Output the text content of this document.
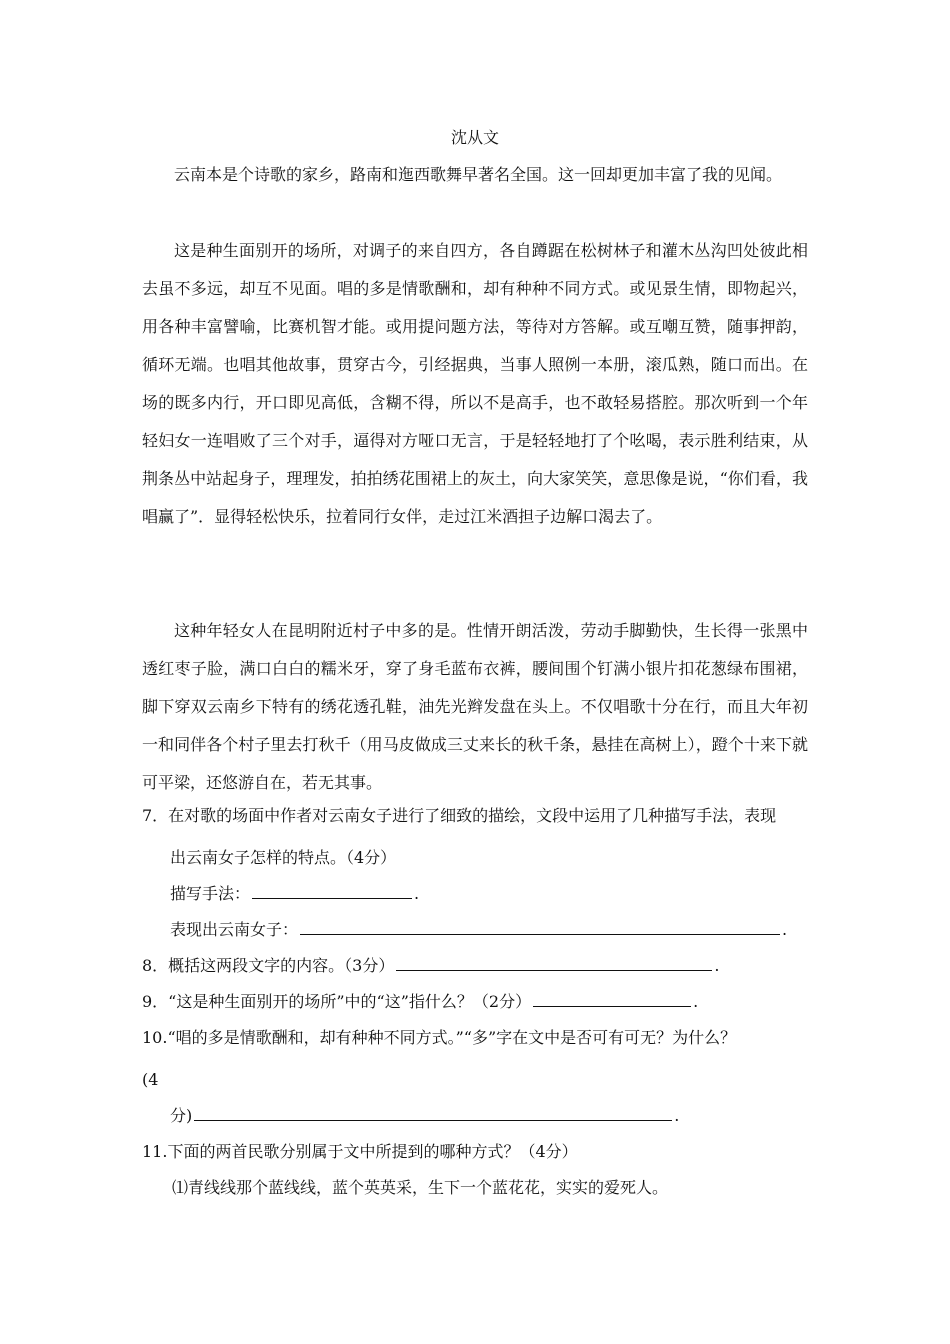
沈从文

云南本是个诗歌的家乡，路南和迤西歌舞早著名全国。这一回却更加丰富了我的见闻。

这是种生面别开的场所，对调子的来自四方，各自蹲踞在松树林子和灌木丛沟凹处彼此相去虽不多远，却互不见面。唱的多是情歌酬和，却有种种不同方式。或见景生情，即物起兴，用各种丰富譬喻，比赛机智才能。或用提问题方法，等待对方答解。或互嘲互赞，随事押韵，循环无端。也唱其他故事，贯穿古今，引经据典，当事人照例一本册，滚瓜熟，随口而出。在场的既多内行，开口即见高低，含糊不得，所以不是高手，也不敢轻易搭腔。那次听到一个年轻妇女一连唱败了三个对手，逼得对方哑口无言，于是轻轻地打了个吆喝，表示胜利结束，从荆条丛中站起身子，理理发，拍拍绣花围裙上的灰土，向大家笑笑，意思像是说，“你们看，我唱赢了”．显得轻松快乐，拉着同行女伴，走过江米酒担子边解口渴去了。

这种年轻女人在昆明附近村子中多的是。性情开朗活泼，劳动手脚勤快，生长得一张黑中透红枣子脸，满口白白的糯米牙，穿了身毛蓝布衣裤，腰间围个钉满小银片扣花葱绿布围裙，脚下穿双云南乡下特有的绣花透孔鞋，油先光辫发盘在头上。不仅唱歌十分在行，而且大年初一和同伴各个村子里去打秋千（用马皮做成三丈来长的秋千条，悬挂在高树上），蹬个十来下就可平梁，还悠游自在，若无其事。

7．在对歌的场面中作者对云南女子进行了细致的描绘，文段中运用了几种描写手法，表现
出云南女子怎样的特点。（4分）
描写手法：	.
表现出云南女子：	.
8．概括这两段文字的内容。（3分）	.
9．“这是种生面别开的场所”中的“这”指什么？（2分）	.
10.“唱的多是情歌酬和，却有种种不同方式。”“多”字在文中是否可有可无？为什么？
(4
分)	.
11.下面的两首民歌分别属于文中所提到的哪种方式？（4分）
⑴青线线那个蓝线线，蓝个英英采，生下一个蓝花花，实实的爱死人。
